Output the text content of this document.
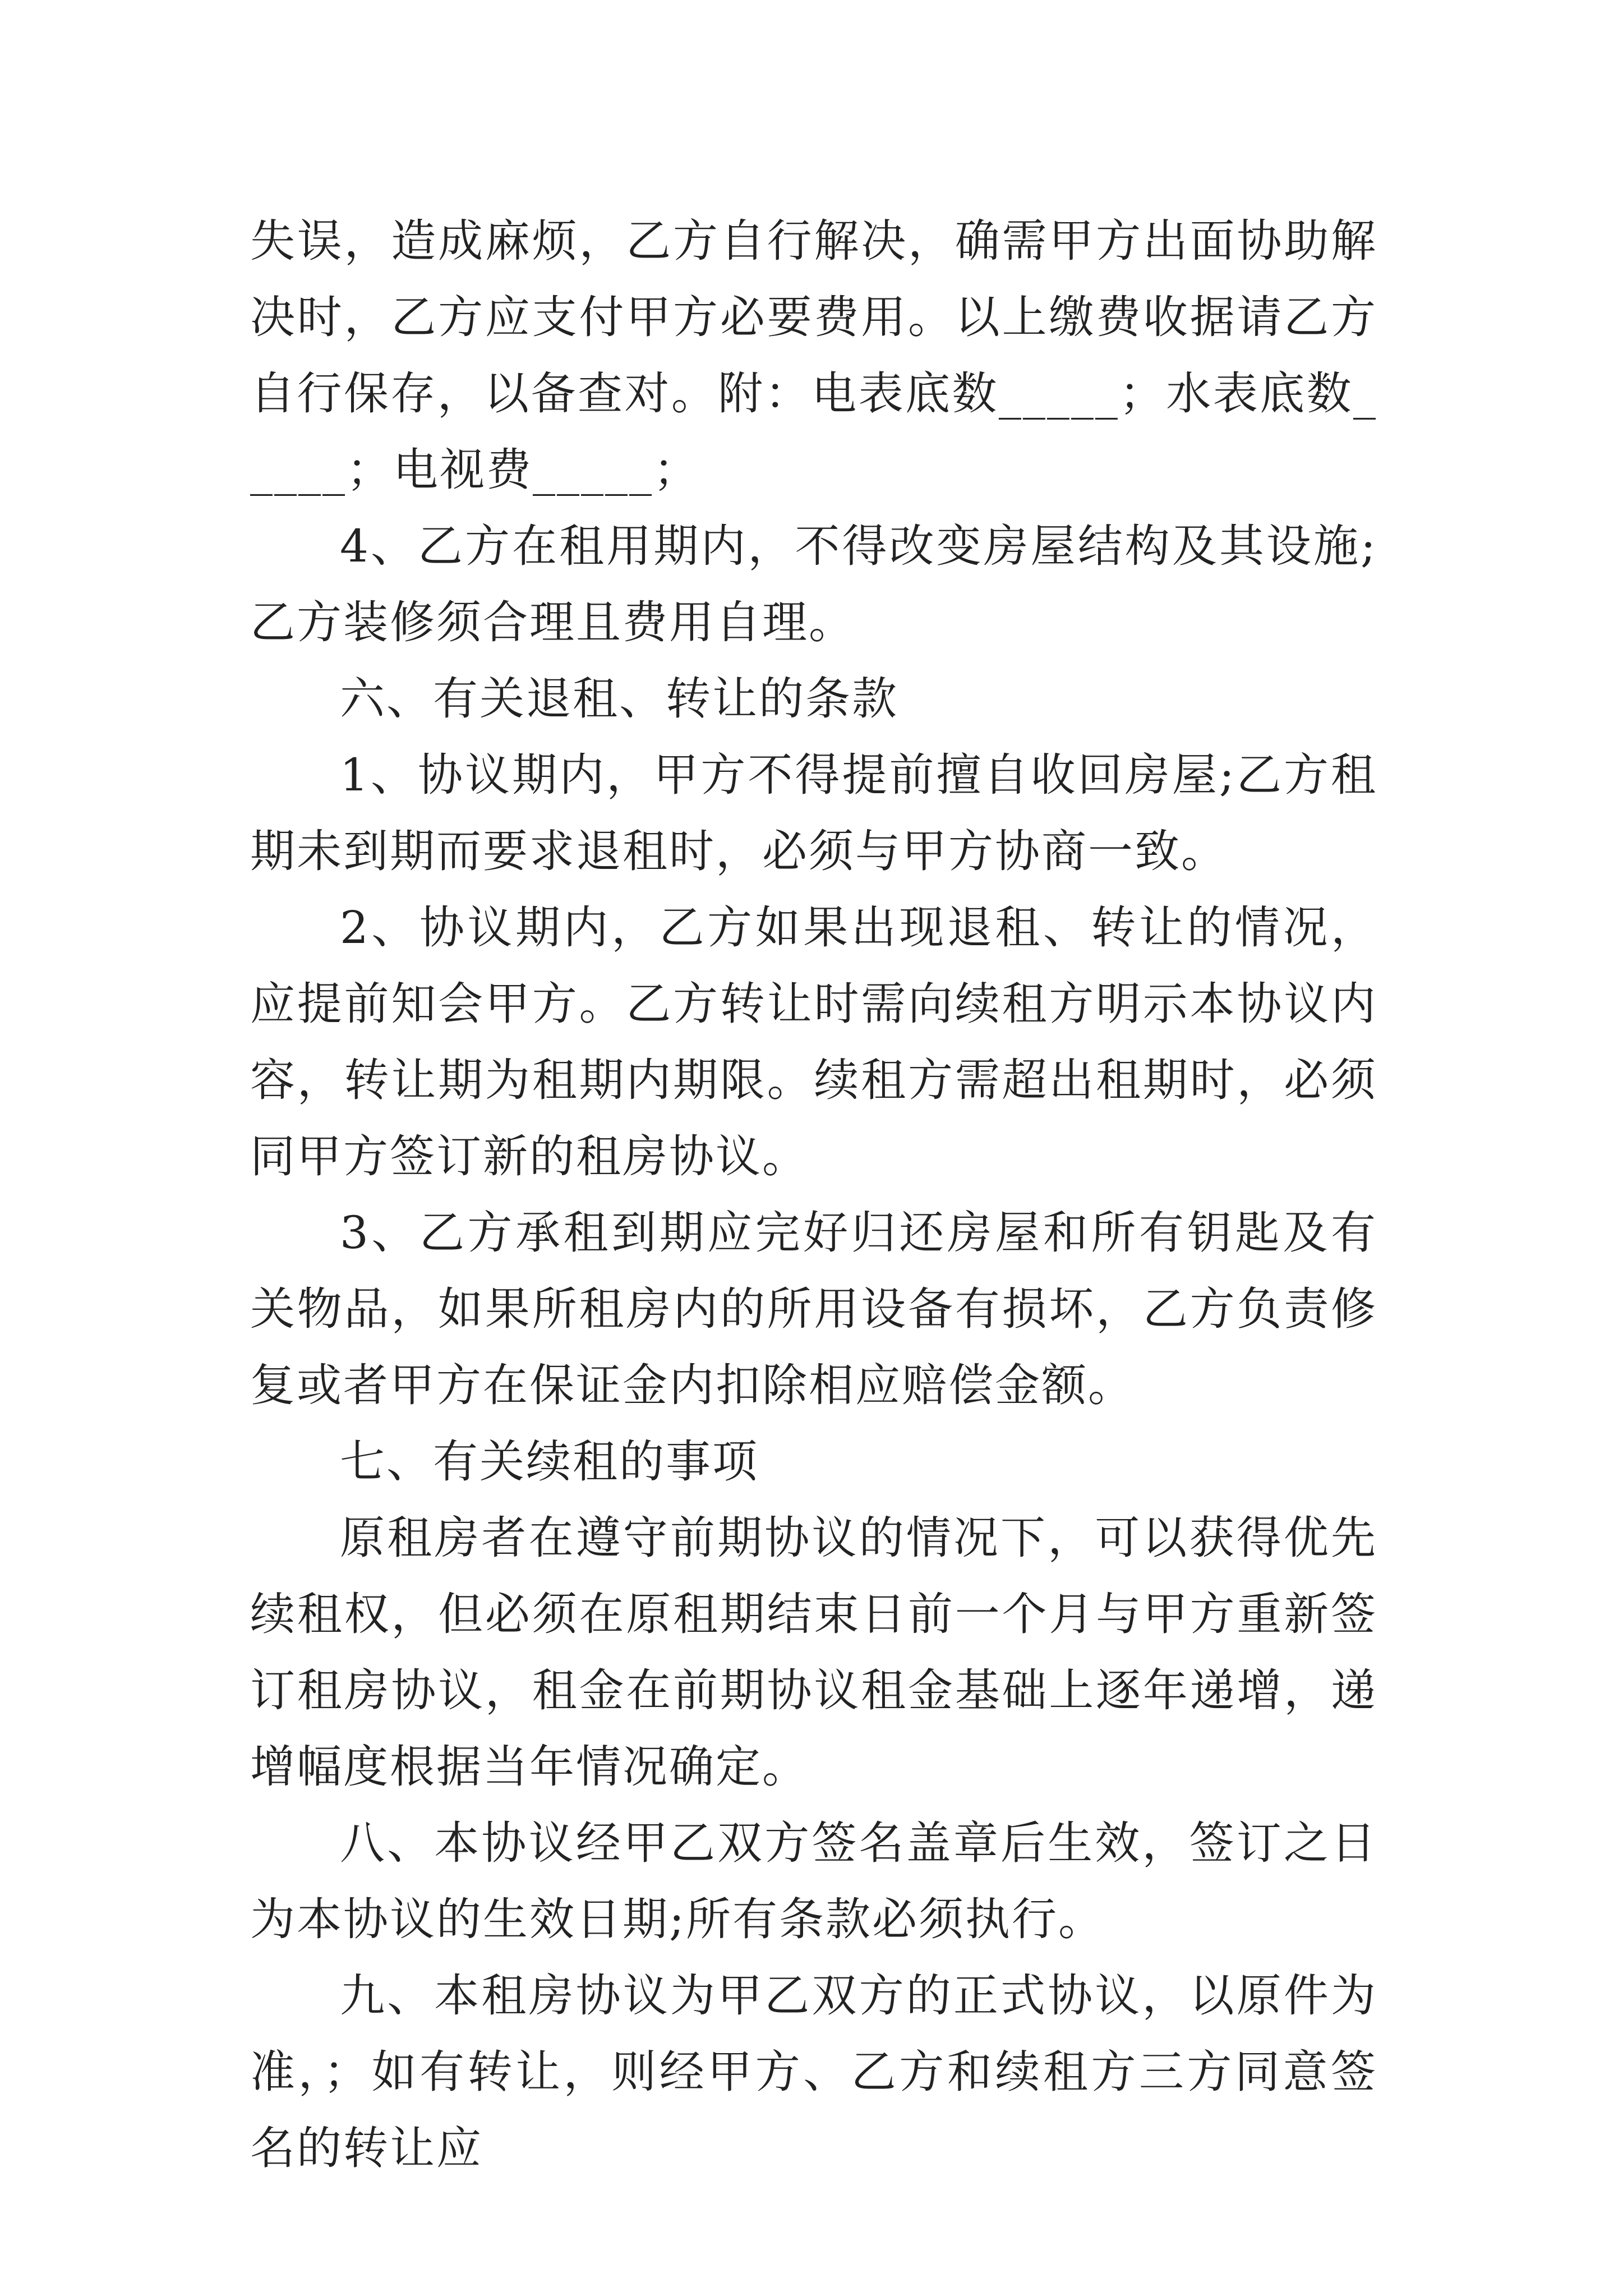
失误，造成麻烦，乙方自行解决，确需甲方出面协助解决时，乙方应支付甲方必要费用。以上缴费收据请乙方自行保存，以备查对。附：电表底数_____；水表底数_____；电视费_____；

4、乙方在租用期内，不得改变房屋结构及其设施;乙方装修须合理且费用自理。

六、有关退租、转让的条款

1、协议期内，甲方不得提前擅自收回房屋;乙方租期未到期而要求退租时，必须与甲方协商一致。

2、协议期内，乙方如果出现退租、转让的情况，应提前知会甲方。乙方转让时需向续租方明示本协议内容，转让期为租期内期限。续租方需超出租期时，必须同甲方签订新的租房协议。

3、乙方承租到期应完好归还房屋和所有钥匙及有关物品，如果所租房内的所用设备有损坏，乙方负责修复或者甲方在保证金内扣除相应赔偿金额。

七、有关续租的事项

原租房者在遵守前期协议的情况下，可以获得优先续租权，但必须在原租期结束日前一个月与甲方重新签订租房协议，租金在前期协议租金基础上逐年递增，递增幅度根据当年情况确定。

八、本协议经甲乙双方签名盖章后生效，签订之日为本协议的生效日期;所有条款必须执行。

九、本租房协议为甲乙双方的正式协议，以原件为准，；如有转让，则经甲方、乙方和续租方三方同意签名的转让应
